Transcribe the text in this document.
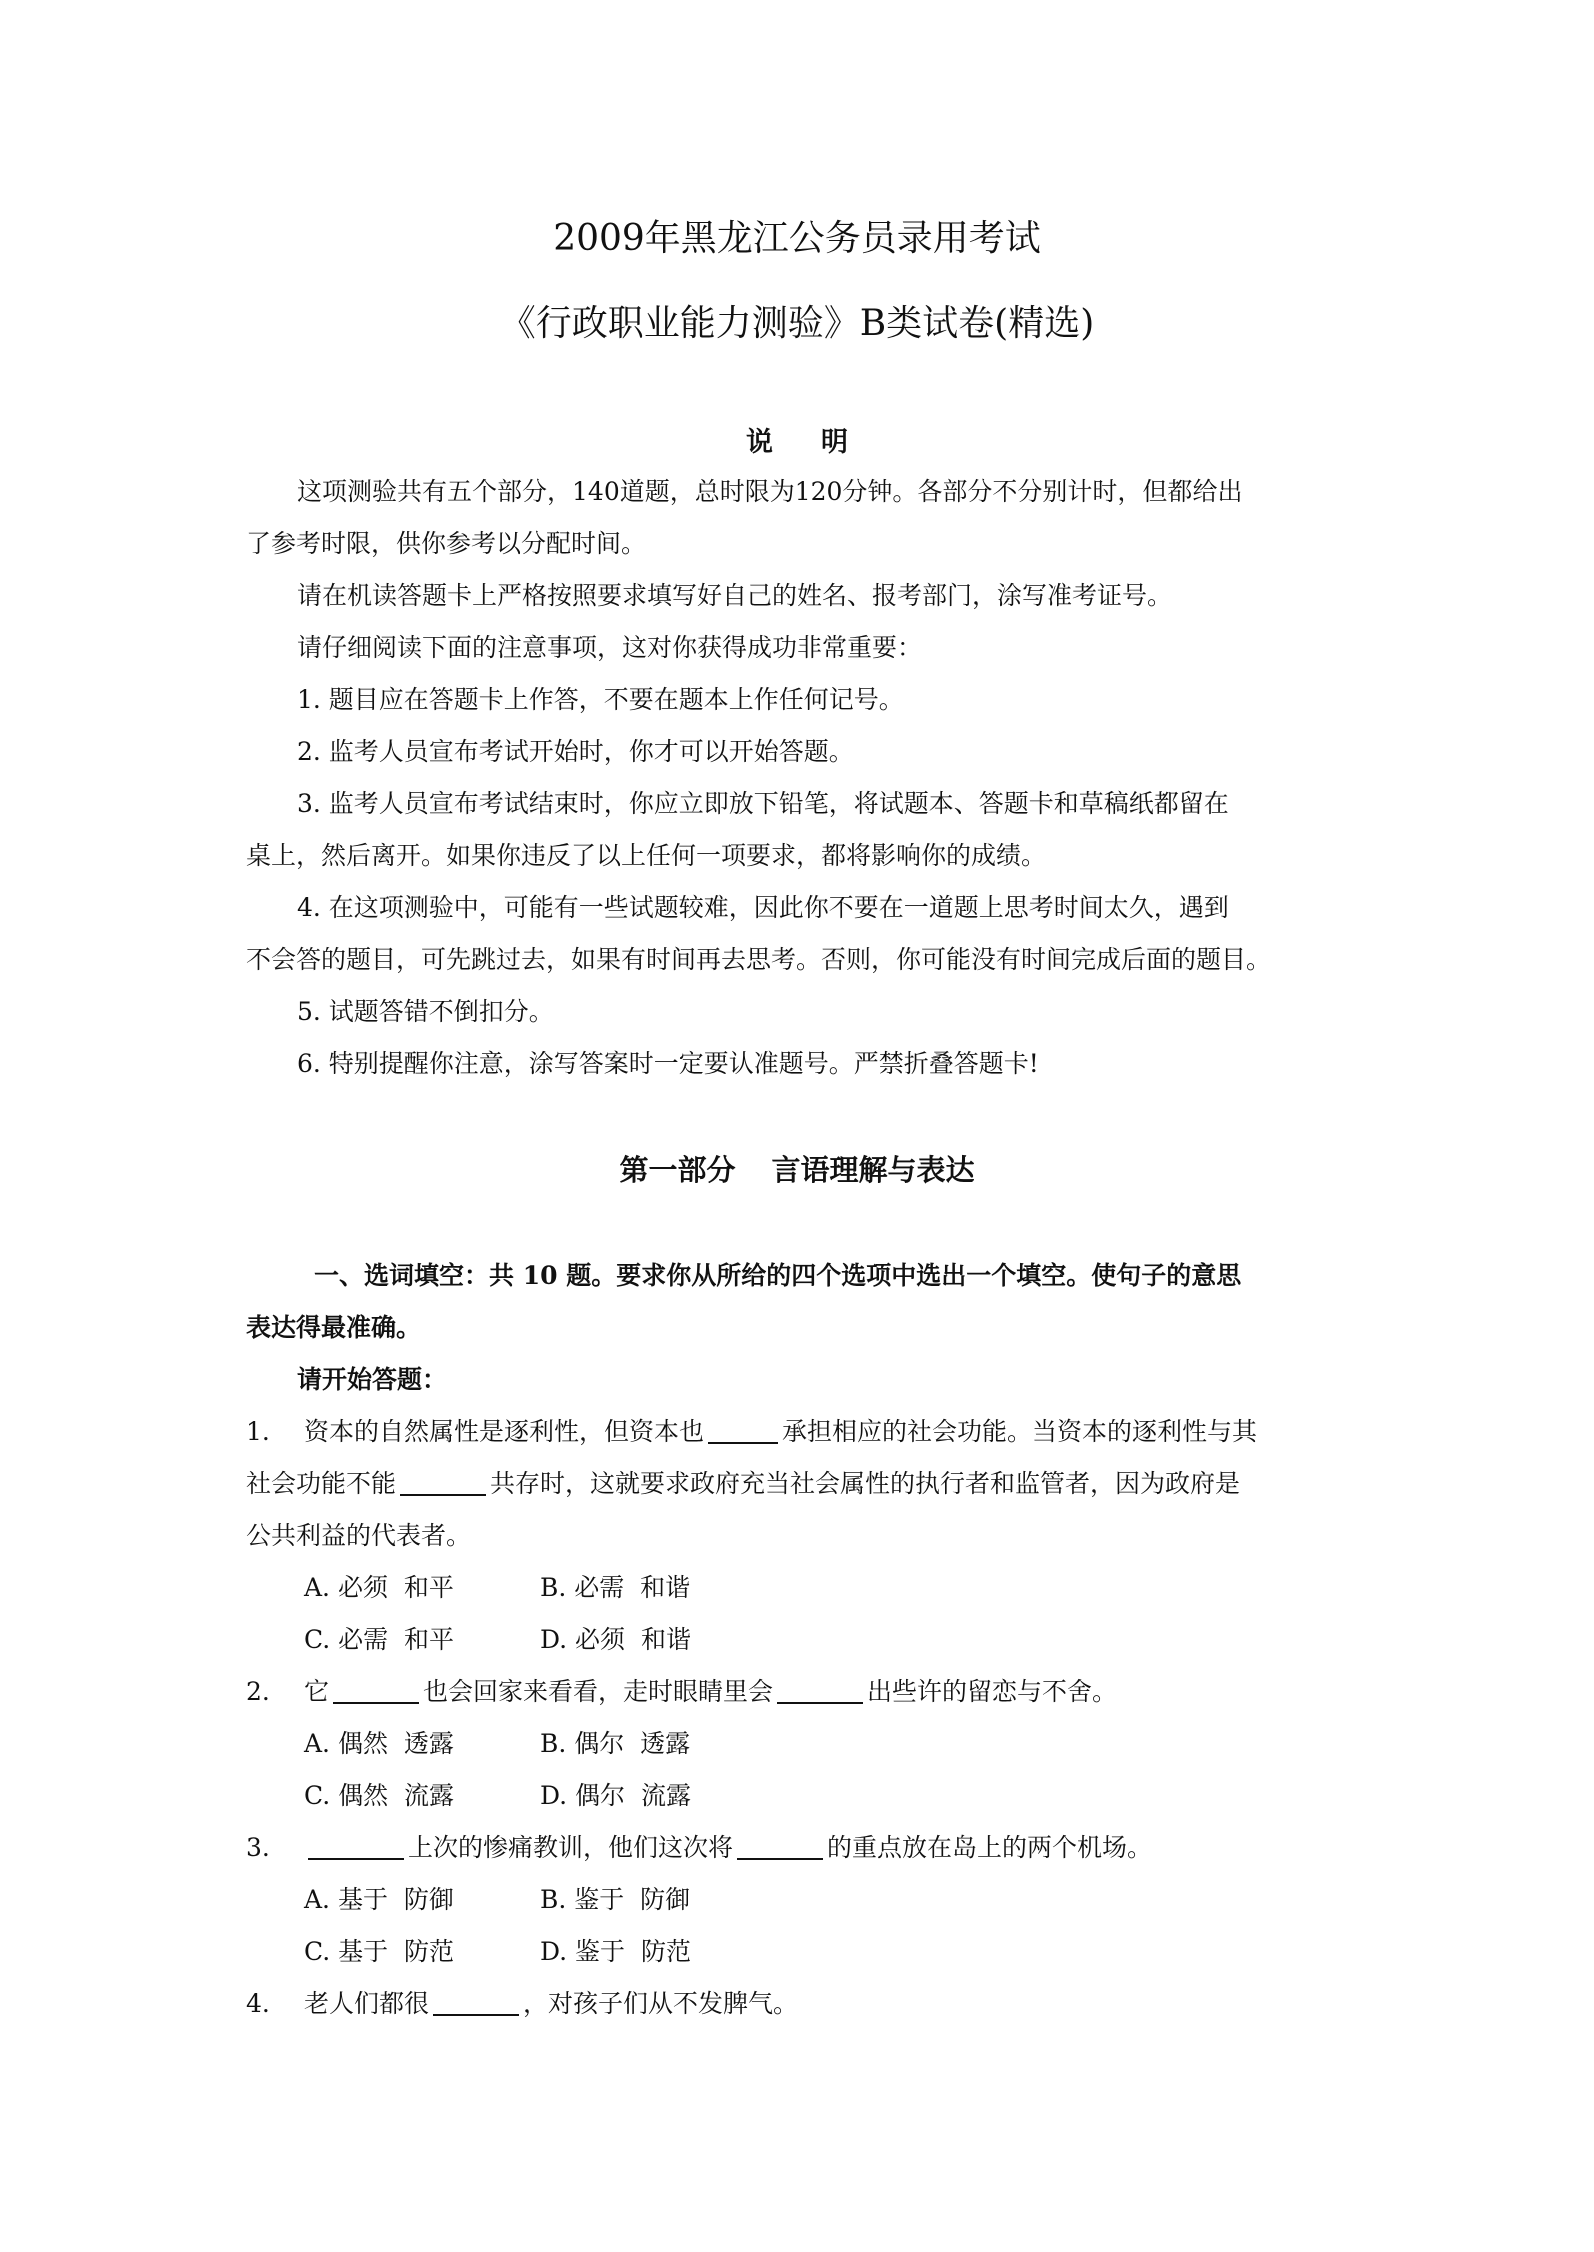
2009年黑龙江公务员录用考试
《行政职业能力测验》B类试卷(精选)
说明

这项测验共有五个部分，140道题，总时限为120分钟。各部分不分别计时，但都给出

了参考时限，供你参考以分配时间。

请在机读答题卡上严格按照要求填写好自己的姓名、报考部门，涂写准考证号。

请仔细阅读下面的注意事项，这对你获得成功非常重要：

1. 题目应在答题卡上作答，不要在题本上作任何记号。

2. 监考人员宣布考试开始时，你才可以开始答题。

3. 监考人员宣布考试结束时，你应立即放下铅笔，将试题本、答题卡和草稿纸都留在

桌上，然后离开。如果你违反了以上任何一项要求，都将影响你的成绩。

4. 在这项测验中，可能有一些试题较难，因此你不要在一道题上思考时间太久，遇到

不会答的题目，可先跳过去，如果有时间再去思考。否则，你可能没有时间完成后面的题目。

5. 试题答错不倒扣分。

6. 特别提醒你注意，涂写答案时一定要认准题号。严禁折叠答题卡!

第一部分 言语理解与表达

一、选词填空：共 10 题。要求你从所给的四个选项中选出一个填空。使句子的意思

表达得最准确。

请开始答题：

1. 资本的自然属性是逐利性，但资本也	承担相应的社会功能。当资本的逐利性与其

社会功能不能	共存时，这就要求政府充当社会属性的执行者和监管者，因为政府是

公共利益的代表者。

A. 必须  和平	B. 必需  和谐
C. 必需  和平	D. 必须  和谐

2. 它	也会回家来看看，走时眼睛里会	出些许的留恋与不舍。

A. 偶然  透露	B. 偶尔  透露
C. 偶然  流露	D. 偶尔  流露

3.	上次的惨痛教训，他们这次将	的重点放在岛上的两个机场。

A. 基于  防御	B. 鉴于  防御
C. 基于  防范	D. 鉴于  防范

4. 老人们都很	，对孩子们从不发脾气。
